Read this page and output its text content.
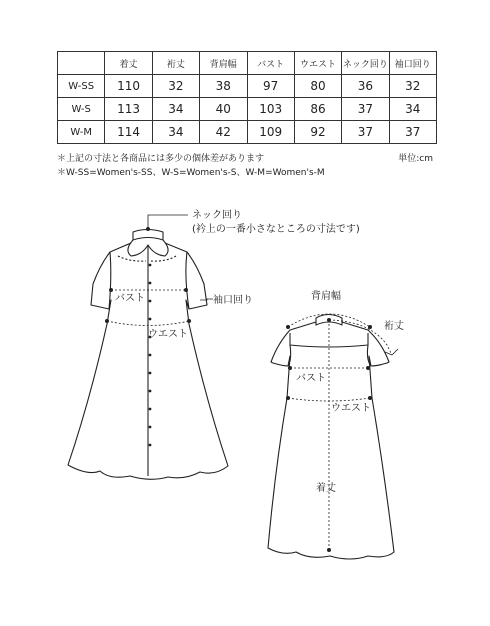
	着丈	裄丈	背肩幅	バスト	ウエスト	ネック回り	袖口回り
W-SS	110	32	38	97	80	36	32
W-S	113	34	40	103	86	37	34
W-M	114	34	42	109	92	37	37
＊上記の寸法と各商品には多少の個体差があります	単位:cm
＊W-SS=Women's-SS、W-S=Women's-S、W-M=Women's-M
ネック回り
(衿上の一番小さなところの寸法です)
バスト	袖口回り
ウエスト
背肩幅
裄丈
バスト
ウエスト
着丈
